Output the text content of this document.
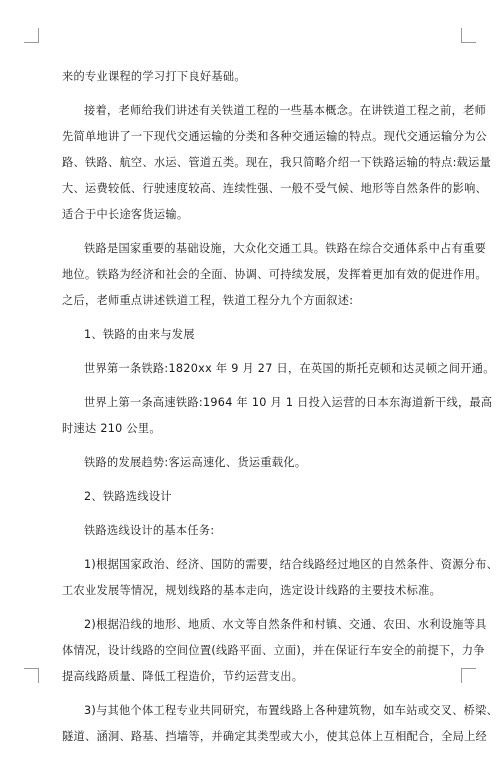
来的专业课程的学习打下良好基础。
接着，老师给我们讲述有关铁道工程的一些基本概念。在讲铁道工程之前，老师
先简单地讲了一下现代交通运输的分类和各种交通运输的特点。现代交通运输分为公
路、铁路、航空、水运、管道五类。现在，我只简略介绍一下铁路运输的特点:载运量
大、运费较低、行驶速度较高、连续性强、一般不受气候、地形等自然条件的影响、
适合于中长途客货运输。
铁路是国家重要的基础设施，大众化交通工具。铁路在综合交通体系中占有重要
地位。铁路为经济和社会的全面、协调、可持续发展，发挥着更加有效的促进作用。
之后，老师重点讲述铁道工程，铁道工程分九个方面叙述:
1、铁路的由来与发展
世界第一条铁路:1820xx 年 9 月 27 日，在英国的斯托克顿和达灵顿之间开通。
世界上第一条高速铁路:1964 年 10 月 1 日投入运营的日本东海道新干线，最高
时速达 210 公里。
铁路的发展趋势:客运高速化、货运重载化。
2、铁路选线设计
铁路选线设计的基本任务:
1)根据国家政治、经济、国防的需要，结合线路经过地区的自然条件、资源分布、
工农业发展等情况，规划线路的基本走向，选定设计线路的主要技术标准。
2)根据沿线的地形、地质、水文等自然条件和村镇、交通、农田、水利设施等具
体情况，设计线路的空间位置(线路平面、立面)，并在保证行车安全的前提下，力争
提高线路质量、降低工程造价，节约运营支出。
3)与其他个体工程专业共同研究，布置线路上各种建筑物，如车站或交叉、桥梁、
隧道、涵洞、路基、挡墙等，并确定其类型或大小，使其总体上互相配合，全局上经
